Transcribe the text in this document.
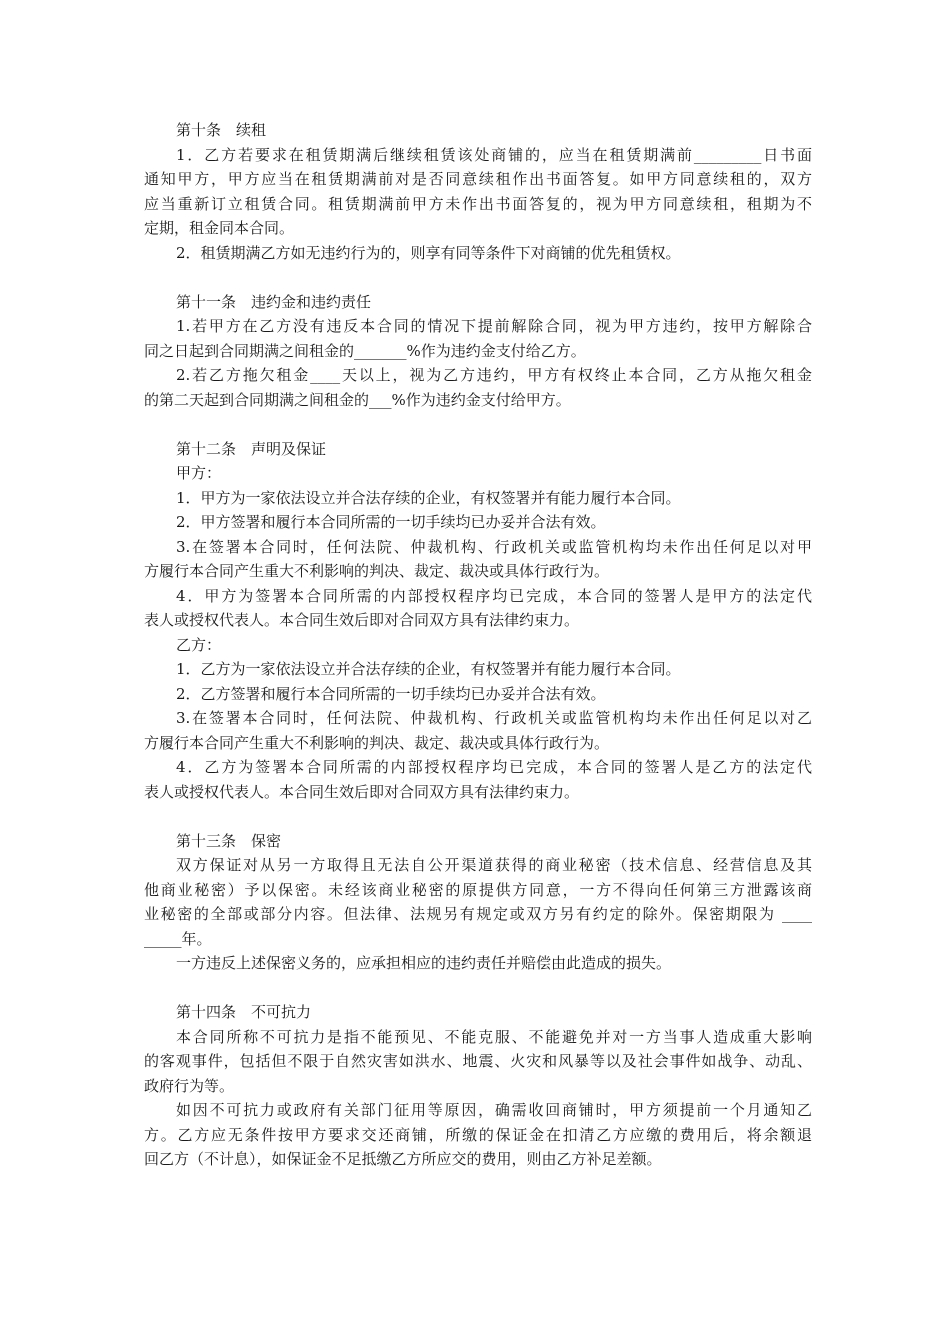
第十条　续租
1．乙方若要求在租赁期满后继续租赁该处商铺的，应当在租赁期满前_________日书面
通知甲方，甲方应当在租赁期满前对是否同意续租作出书面答复。如甲方同意续租的，双方
应当重新订立租赁合同。租赁期满前甲方未作出书面答复的，视为甲方同意续租，租期为不
定期，租金同本合同。
2．租赁期满乙方如无违约行为的，则享有同等条件下对商铺的优先租赁权。
第十一条　违约金和违约责任
1.若甲方在乙方没有违反本合同的情况下提前解除合同，视为甲方违约，按甲方解除合
同之日起到合同期满之间租金的_______%作为违约金支付给乙方。
2.若乙方拖欠租金____天以上，视为乙方违约，甲方有权终止本合同，乙方从拖欠租金
的第二天起到合同期满之间租金的___%作为违约金支付给甲方。
第十二条　声明及保证
甲方：
1．甲方为一家依法设立并合法存续的企业，有权签署并有能力履行本合同。
2．甲方签署和履行本合同所需的一切手续均已办妥并合法有效。
3.在签署本合同时，任何法院、仲裁机构、行政机关或监管机构均未作出任何足以对甲
方履行本合同产生重大不利影响的判决、裁定、裁决或具体行政行为。
4．甲方为签署本合同所需的内部授权程序均已完成，本合同的签署人是甲方的法定代
表人或授权代表人。本合同生效后即对合同双方具有法律约束力。
乙方：
1．乙方为一家依法设立并合法存续的企业，有权签署并有能力履行本合同。
2．乙方签署和履行本合同所需的一切手续均已办妥并合法有效。
3.在签署本合同时，任何法院、仲裁机构、行政机关或监管机构均未作出任何足以对乙
方履行本合同产生重大不利影响的判决、裁定、裁决或具体行政行为。
4．乙方为签署本合同所需的内部授权程序均已完成，本合同的签署人是乙方的法定代
表人或授权代表人。本合同生效后即对合同双方具有法律约束力。
第十三条　保密
双方保证对从另一方取得且无法自公开渠道获得的商业秘密（技术信息、经营信息及其
他商业秘密）予以保密。未经该商业秘密的原提供方同意，一方不得向任何第三方泄露该商
业秘密的全部或部分内容。但法律、法规另有规定或双方另有约定的除外。保密期限为 ____
_____年。
一方违反上述保密义务的，应承担相应的违约责任并赔偿由此造成的损失。
第十四条　不可抗力
本合同所称不可抗力是指不能预见、不能克服、不能避免并对一方当事人造成重大影响
的客观事件，包括但不限于自然灾害如洪水、地震、火灾和风暴等以及社会事件如战争、动乱、
政府行为等。
如因不可抗力或政府有关部门征用等原因，确需收回商铺时，甲方须提前一个月通知乙
方。乙方应无条件按甲方要求交还商铺，所缴的保证金在扣清乙方应缴的费用后，将余额退
回乙方（不计息），如保证金不足抵缴乙方所应交的费用，则由乙方补足差额。
